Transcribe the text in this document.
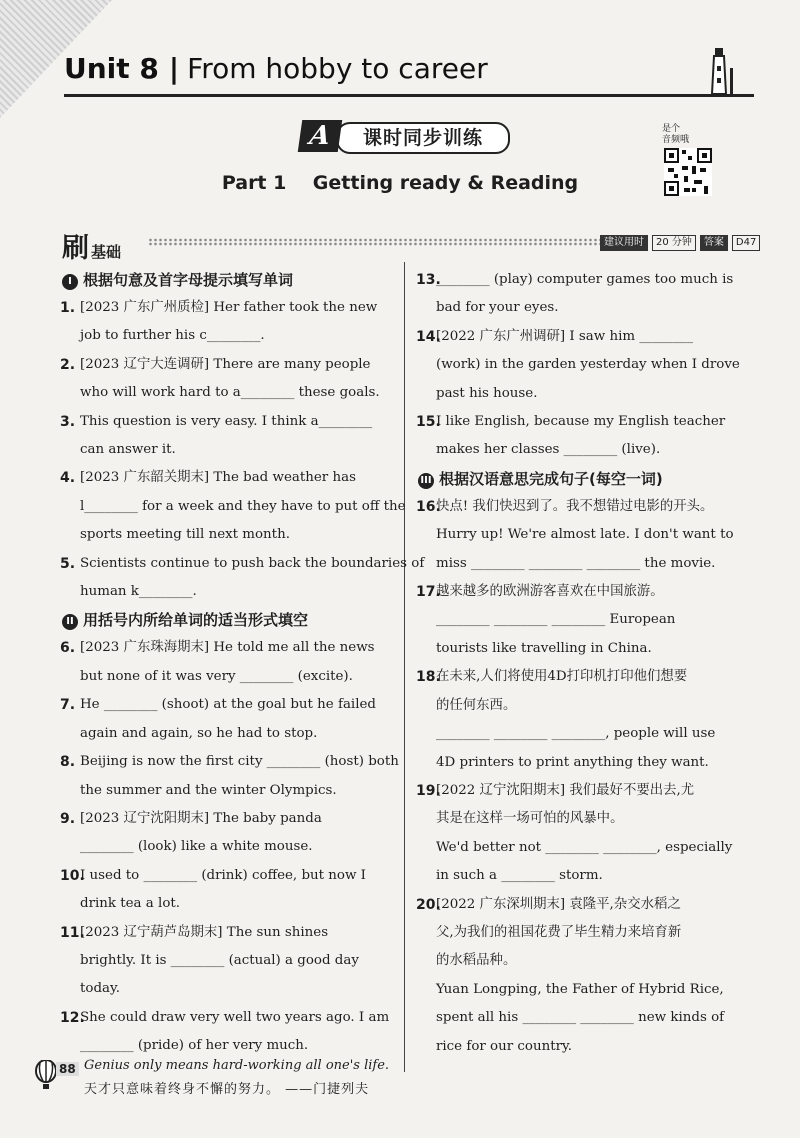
Unit 8 | From hobby to career
课时同步训练
A	是个
音频哦
Part 1    Getting ready & Reading
刷基础
建议用时	20 分钟	答案	D47
I 根据句意及首字母提示填写单词
1. [2023 广东广州质检] Her father took the new
job to further his c________.
2. [2023 辽宁大连调研] There are many people
who will work hard to a________ these goals.
3. This question is very easy. I think a________
can answer it.
4. [2023 广东韶关期末] The bad weather has
l________ for a week and they have to put off the
sports meeting till next month.
5. Scientists continue to push back the boundaries of
human k________.
II 用括号内所给单词的适当形式填空
6. [2023 广东珠海期末] He told me all the news
but none of it was very ________ (excite).
7. He ________ (shoot) at the goal but he failed
again and again, so he had to stop.
8. Beijing is now the first city ________ (host) both
the summer and the winter Olympics.
9. [2023 辽宁沈阳期末] The baby panda
________ (look) like a white mouse.
10.
I used to ________ (drink) coffee, but now I
drink tea a lot.
11.
[2023 辽宁葫芦岛期末] The sun shines
brightly. It is ________ (actual) a good day
today.
12.
She could draw very well two years ago. I am
________ (pride) of her very much.
13.
________ (play) computer games too much is
bad for your eyes.
14.
[2022 广东广州调研] I saw him ________
(work) in the garden yesterday when I drove
past his house.
15.
I like English, because my English teacher
makes her classes ________ (live).
III 根据汉语意思完成句子(每空一词)
16.
快点! 我们快迟到了。我不想错过电影的开头。
Hurry up! We're almost late. I don't want to
miss ________ ________ ________ the movie.
17.
越来越多的欧洲游客喜欢在中国旅游。
________ ________ ________ European
tourists like travelling in China.
18.
在未来,人们将使用4D打印机打印他们想要
的任何东西。
________ ________ ________, people will use
4D printers to print anything they want.
19.
[2022 辽宁沈阳期末] 我们最好不要出去,尤
其是在这样一场可怕的风暴中。
We'd better not ________ ________, especially
in such a ________ storm.
20.
[2022 广东深圳期末] 袁隆平,杂交水稻之
父,为我们的祖国花费了毕生精力来培育新
的水稻品种。
Yuan Longping, the Father of Hybrid Rice,
spent all his ________ ________ new kinds of
rice for our country.
88 Genius only means hard-working all one's life.
天才只意味着终身不懈的努力。 ——门捷列夫
